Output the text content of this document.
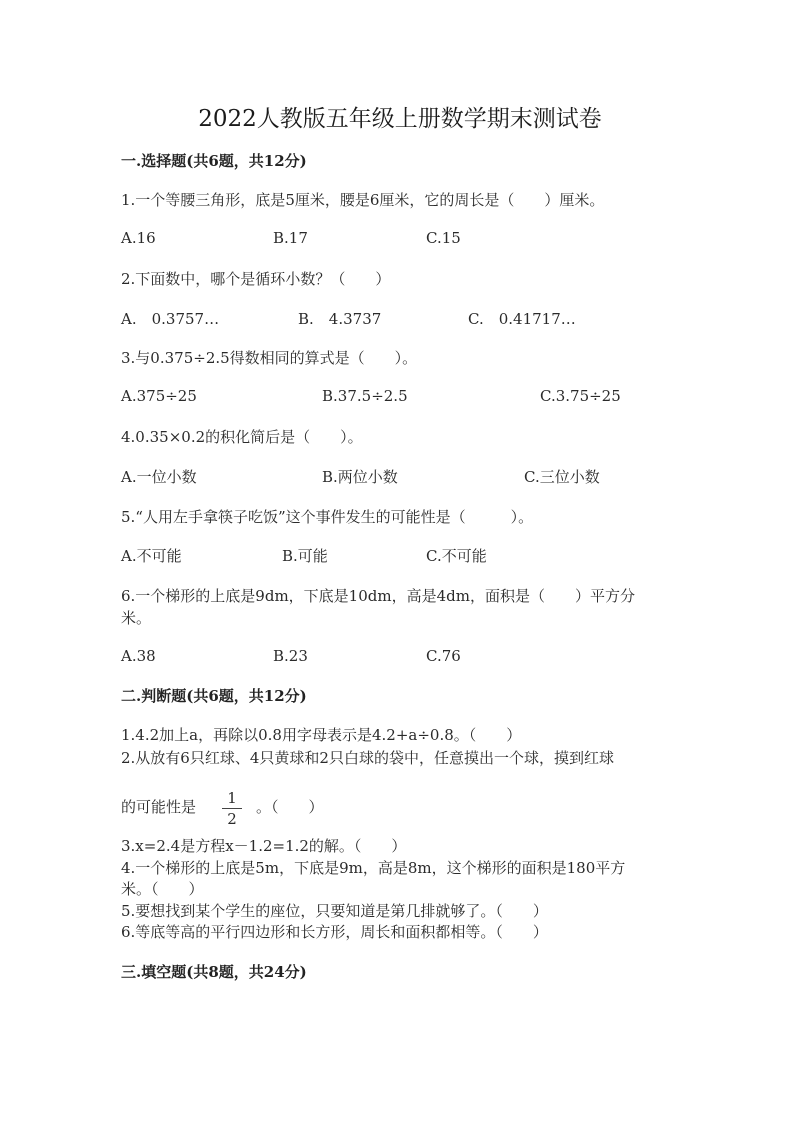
2022人教版五年级上册数学期末测试卷
一.选择题(共6题，共12分)
1.一个等腰三角形，底是5厘米，腰是6厘米，它的周长是（　　）厘米。
A.16	B.17	C.15
2.下面数中，哪个是循环小数？（　　）
A.　0.3757…	B.　4.3737	C.　0.41717…
3.与0.375÷2.5得数相同的算式是（　　）。
A.375÷25	B.37.5÷2.5	C.3.75÷25
4.0.35×0.2的积化简后是（　　）。
A.一位小数	B.两位小数	C.三位小数
5.“人用左手拿筷子吃饭”这个事件发生的可能性是（　　　）。
A.不可能	B.可能	C.不可能
6.一个梯形的上底是9dm，下底是10dm，高是4dm，面积是（　　）平方分
米。
A.38	B.23	C.76
二.判断题(共6题，共12分)
1.4.2加上a，再除以0.8用字母表示是4.2+a÷0.8。（　　）
2.从放有6只红球、4只黄球和2只白球的袋中，任意摸出一个球，摸到红球
的可能性是	1
2
。（　　）
3.x=2.4是方程x－1.2=1.2的解。（　　）
4.一个梯形的上底是5m，下底是9m，高是8m，这个梯形的面积是180平方
米。（　　）
5.要想找到某个学生的座位，只要知道是第几排就够了。（　　）
6.等底等高的平行四边形和长方形，周长和面积都相等。（　　）
三.填空题(共8题，共24分)
